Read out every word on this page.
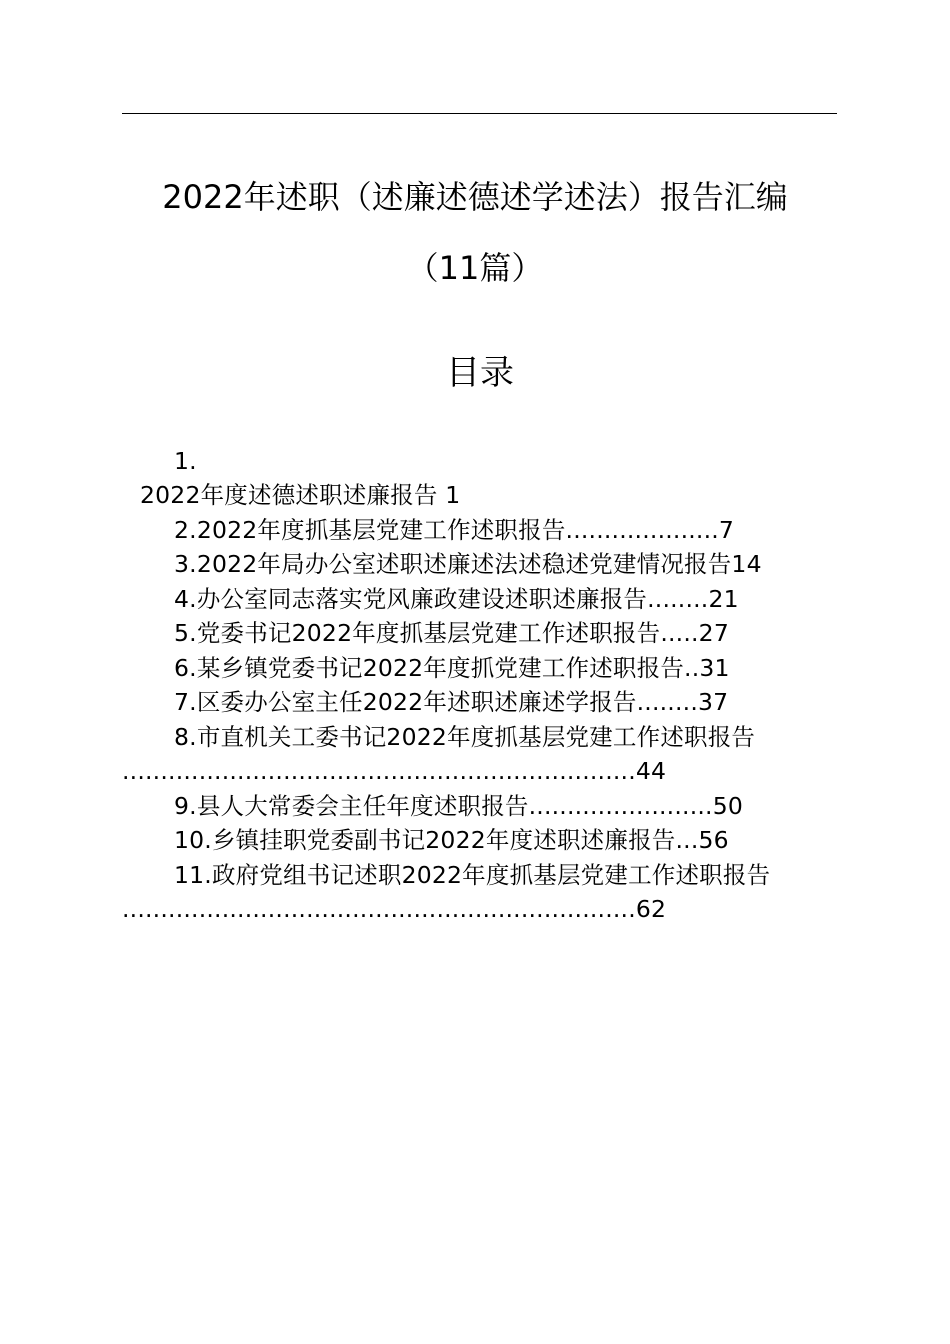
2022年述职（述廉述德述学述法）报告汇编
（11篇）
目录
1.
2022年度述德述职述廉报告 1
2.2022年度抓基层党建工作述职报告....................7
3.2022年局办公室述职述廉述法述稳述党建情况报告14
4.办公室同志落实党风廉政建设述职述廉报告........21
5.党委书记2022年度抓基层党建工作述职报告.....27
6.某乡镇党委书记2022年度抓党建工作述职报告..31
7.区委办公室主任2022年述职述廉述学报告........37
8.市直机关工委书记2022年度抓基层党建工作述职报告
...................................................................44
9.县人大常委会主任年度述职报告........................50
10.乡镇挂职党委副书记2022年度述职述廉报告...56
11.政府党组书记述职2022年度抓基层党建工作述职报告
...................................................................62
